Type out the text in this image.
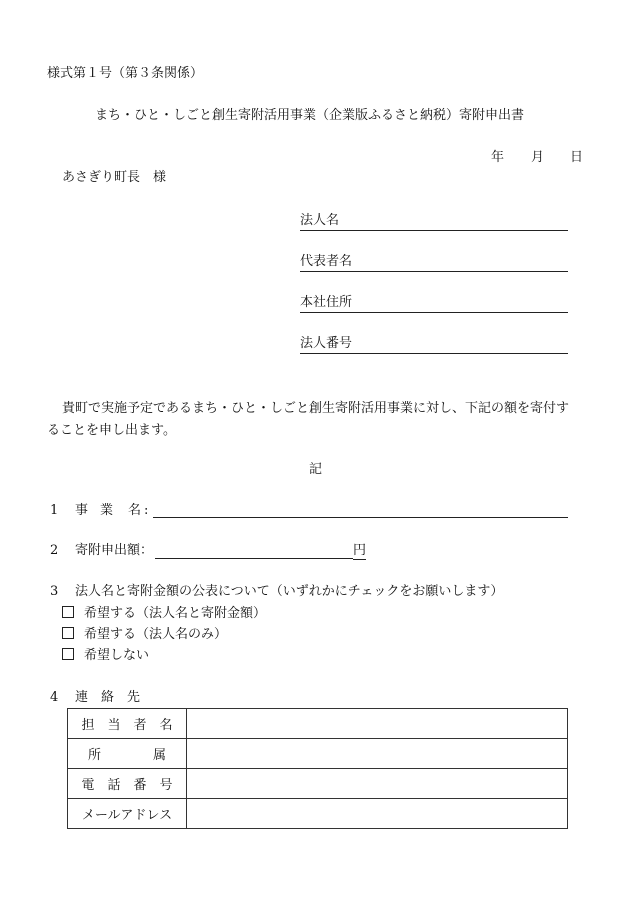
様式第１号（第３条関係）
まち・ひと・しごと創生寄附活用事業（企業版ふるさと納税）寄附申出書
年 月 日
あさぎり町長　様
法人名
代表者名
本社住所
法人番号
貴町で実施予定であるまち・ひと・しごと創生寄附活用事業に対し、下記の額を寄付す
ることを申し出ます。
記
1 事 業 名 :
2 寄附申出額：	円
3 法人名と寄附金額の公表について（いずれかにチェックをお願いします）
希望する（法人名と寄附金額）
希望する（法人名のみ）
希望しない
4 連　絡　先
担　当　者　名	
所　　　　属	
電　話　番　号	
メールアドレス	
